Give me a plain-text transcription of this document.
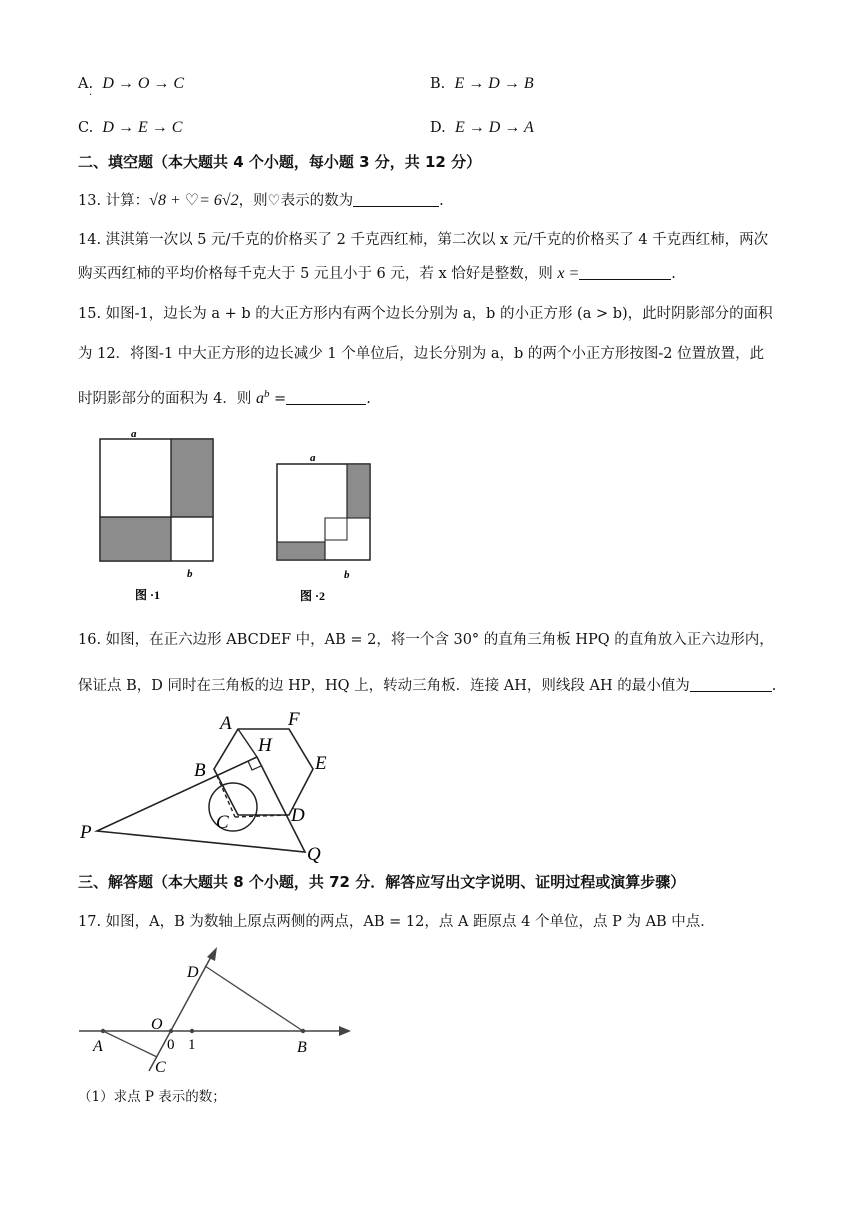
A. D → O → C
·
B. E → D → B
C. D → E → C	D. E → D → A
二、填空题（本大题共 4 个小题，每小题 3 分，共 12 分）
13. 计算：√8 + ♡= 6√2，则♡表示的数为	.
14. 淇淇第一次以 5 元/千克的价格买了 2 千克西红柿，第二次以 x 元/千克的价格买了 4 千克西红柿，两次
购买西红柿的平均价格每千克大于 5 元且小于 6 元，若 x 恰好是整数，则 x =	.
15. 如图-1，边长为 a + b 的大正方形内有两个边长分别为 a，b 的小正方形 (a > b)，此时阴影部分的面积
为 12．将图-1 中大正方形的边长减少 1 个单位后，边长分别为 a，b 的两个小正方形按图-2 位置放置，此
时阴影部分的面积为 4．则 $a^b$ =	.
a
b
图 ·1
a
b
图 ·2
16. 如图，在正六边形 ABCDEF 中，AB = 2，将一个含 30° 的直角三角板 HPQ 的直角放入正六边形内，
保证点 B，D 同时在三角板的边 HP，HQ 上，转动三角板．连接 AH，则线段 AH 的最小值为	.
A	F
H
E
B
C	D
P
Q
三、解答题（本大题共 8 个小题，共 72 分．解答应写出文字说明、证明过程或演算步骤）
17. 如图，A，B 为数轴上原点两侧的两点，AB = 12，点 A 距原点 4 个单位，点 P 为 AB 中点．
D
O
A	0 1
C
B
（1）求点 P 表示的数；
